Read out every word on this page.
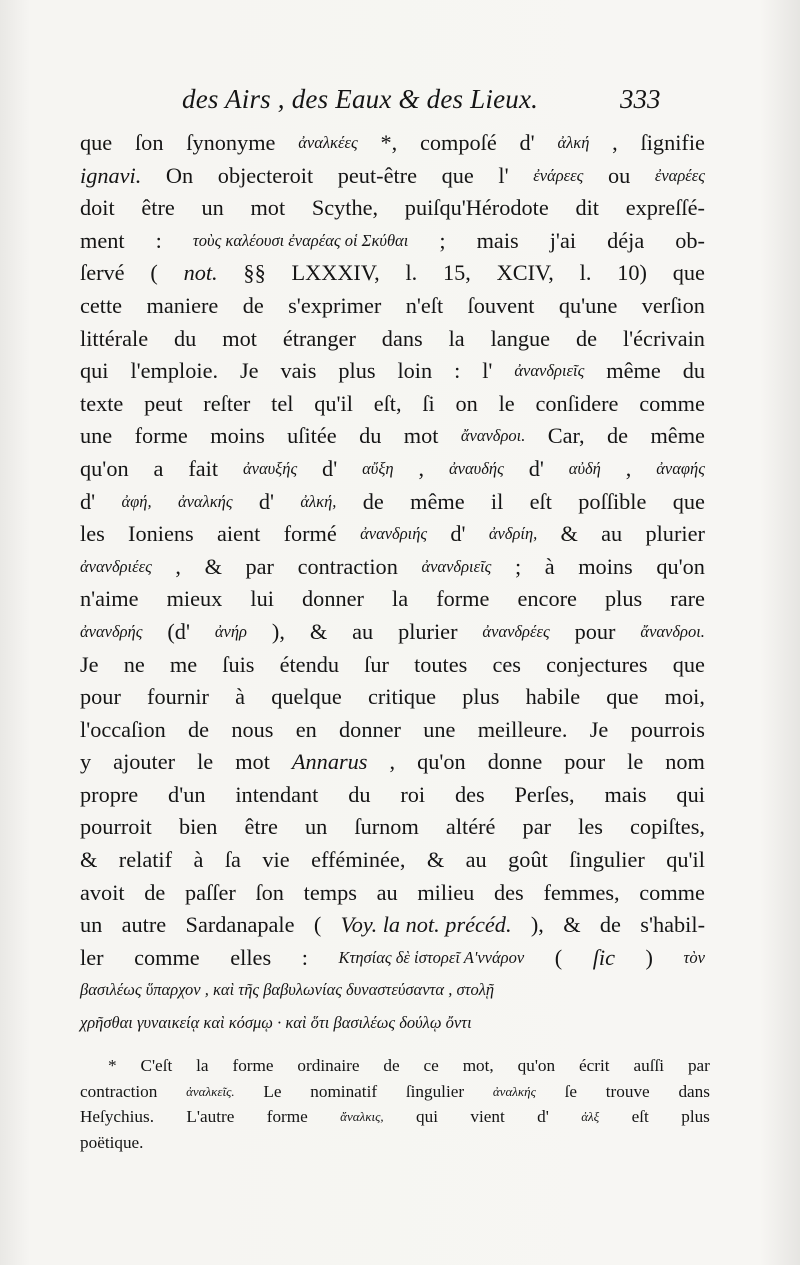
des Airs , des Eaux & des Lieux.	333
que ſon ſynonyme ἀναλκέες *, compoſé d' ἀλκή , ſignifie
ignavi. On objecteroit peut-être que l' ἐνάρεες ou ἐναρέες
doit être un mot Scythe, puiſqu'Hérodote dit expreſſé-
ment : τοὺς καλέουσι ἐναρέας οἱ Σκύθαι ; mais j'ai déja ob-
ſervé ( not. §§ LXXXIV, l. 15, XCIV, l. 10) que
cette maniere de s'exprimer n'eſt ſouvent qu'une verſion
littérale du mot étranger dans la langue de l'écrivain
qui l'emploie. Je vais plus loin : l' ἀνανδριεῖς même du
texte peut reſter tel qu'il eſt, ſi on le conſidere comme
une forme moins uſitée du mot ἄνανδροι. Car, de même
qu'on a fait ἀναυξής d' αὔξη , ἀναυδής d' αὐδή , ἀναφής
d' ἀφή, ἀναλκής d' ἀλκή, de même il eſt poſſible que
les Ioniens aient formé ἀνανδριής d' ἀνδρίη, & au plurier
ἀνανδριέες , & par contraction ἀνανδριεῖς ; à moins qu'on
n'aime mieux lui donner la forme encore plus rare
ἀνανδρής (d' ἀνήρ ), & au plurier ἀνανδρέες pour ἄνανδροι.
Je ne me ſuis étendu ſur toutes ces conjectures que
pour fournir à quelque critique plus habile que moi,
l'occaſion de nous en donner une meilleure. Je pourrois
y ajouter le mot Annarus , qu'on donne pour le nom
propre d'un intendant du roi des Perſes, mais qui
pourroit bien être un ſurnom altéré par les copiſtes,
& relatif à ſa vie efféminée, & au goût ſingulier qu'il
avoit de paſſer ſon temps au milieu des femmes, comme
un autre Sardanapale ( Voy. la not. précéd. ), & de s'habil-
ler comme elles : Κτησίας δὲ ἱστορεῖ Α'ννάρον ( ſic ) τὸν
βασιλέως ὕπαρχον , καὶ τῆς βαβυλωνίας δυναστεύσαντα , στολῇ
χρῆσθαι γυναικείᾳ καὶ κόσμῳ · καὶ ὅτι βασιλέως δούλῳ ὄντι
* C'eſt la forme ordinaire de ce mot, qu'on écrit auſſi par
contraction ἀναλκεῖς. Le nominatif ſingulier ἀναλκής ſe trouve dans
Heſychius. L'autre forme ἄναλκις, qui vient d' ἀλξ eſt plus
poëtique.
